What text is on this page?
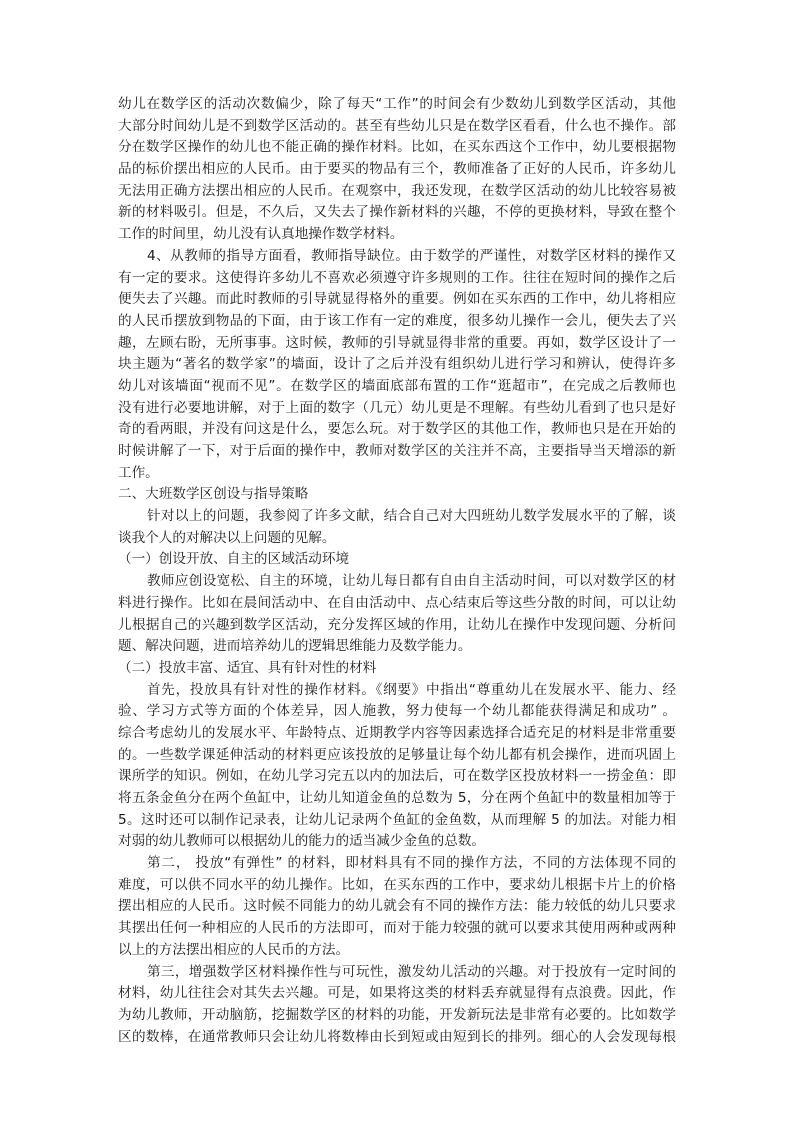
幼儿在数学区的活动次数偏少，除了每天“工作”的时间会有少数幼儿到数学区活动，其他
大部分时间幼儿是不到数学区活动的。甚至有些幼儿只是在数学区看看，什么也不操作。部
分在数学区操作的幼儿也不能正确的操作材料。比如，在买东西这个工作中，幼儿要根据物
品的标价摆出相应的人民币。由于要买的物品有三个，教师准备了正好的人民币，许多幼儿
无法用正确方法摆出相应的人民币。在观察中，我还发现，在数学区活动的幼儿比较容易被
新的材料吸引。但是，不久后，又失去了操作新材料的兴趣，不停的更换材料，导致在整个
工作的时间里，幼儿没有认真地操作数学材料。
4、从教师的指导方面看，教师指导缺位。由于数学的严谨性，对数学区材料的操作又
有一定的要求。这使得许多幼儿不喜欢必须遵守许多规则的工作。往往在短时间的操作之后
便失去了兴趣。而此时教师的引导就显得格外的重要。例如在买东西的工作中，幼儿将相应
的人民币摆放到物品的下面，由于该工作有一定的难度，很多幼儿操作一会儿，便失去了兴
趣，左顾右盼，无所事事。这时候，教师的引导就显得非常的重要。再如，数学区设计了一
块主题为“著名的数学家”的墙面，设计了之后并没有组织幼儿进行学习和辨认，使得许多
幼儿对该墙面“视而不见”。在数学区的墙面底部布置的工作“逛超市”，在完成之后教师也
没有进行必要地讲解，对于上面的数字（几元）幼儿更是不理解。有些幼儿看到了也只是好
奇的看两眼，并没有问这是什么，要怎么玩。对于数学区的其他工作，教师也只是在开始的
时候讲解了一下，对于后面的操作中，教师对数学区的关注并不高，主要指导当天增添的新
工作。
二、大班数学区创设与指导策略
针对以上的问题，我参阅了许多文献，结合自己对大四班幼儿数学发展水平的了解，谈
谈我个人的对解决以上问题的见解。
（一）创设开放、自主的区域活动环境
教师应创设宽松、自主的环境，让幼儿每日都有自由自主活动时间，可以对数学区的材
料进行操作。比如在晨间活动中、在自由活动中、点心结束后等这些分散的时间，可以让幼
儿根据自己的兴趣到数学区活动，充分发挥区域的作用，让幼儿在操作中发现问题、分析问
题、解决问题，进而培养幼儿的逻辑思维能力及数学能力。
（二）投放丰富、适宜、具有针对性的材料
首先，投放具有针对性的操作材料。《纲要》中指出“尊重幼儿在发展水平、能力、经
验、学习方式等方面的个体差异，因人施教，努力使每一个幼儿都能获得满足和成功” 。
综合考虑幼儿的发展水平、年龄特点、近期教学内容等因素选择合适充足的材料是非常重要
的。一些数学课延伸活动的材料更应该投放的足够量让每个幼儿都有机会操作，进而巩固上
课所学的知识。例如，在幼儿学习完五以内的加法后，可在数学区投放材料一一捞金鱼：即
将五条金鱼分在两个鱼缸中，让幼儿知道金鱼的总数为 5，分在两个鱼缸中的数量相加等于
5。这时还可以制作记录表，让幼儿记录两个鱼缸的金鱼数，从而理解 5 的加法。对能力相
对弱的幼儿教师可以根据幼儿的能力的适当减少金鱼的总数。
第二， 投放“有弹性” 的材料，即材料具有不同的操作方法，不同的方法体现不同的
难度，可以供不同水平的幼儿操作。比如，在买东西的工作中，要求幼儿根据卡片上的价格
摆出相应的人民币。这时候不同能力的幼儿就会有不同的操作方法：能力较低的幼儿只要求
其摆出任何一种相应的人民币的方法即可，而对于能力较强的就可以要求其使用两种或两种
以上的方法摆出相应的人民币的方法。
第三，增强数学区材料操作性与可玩性，激发幼儿活动的兴趣。对于投放有一定时间的
材料，幼儿往往会对其失去兴趣。可是，如果将这类的材料丢弃就显得有点浪费。因此，作
为幼儿教师，开动脑筋，挖掘数学区的材料的功能，开发新玩法是非常有必要的。比如数学
区的数棒，在通常教师只会让幼儿将数棒由长到短或由短到长的排列。细心的人会发现每根
